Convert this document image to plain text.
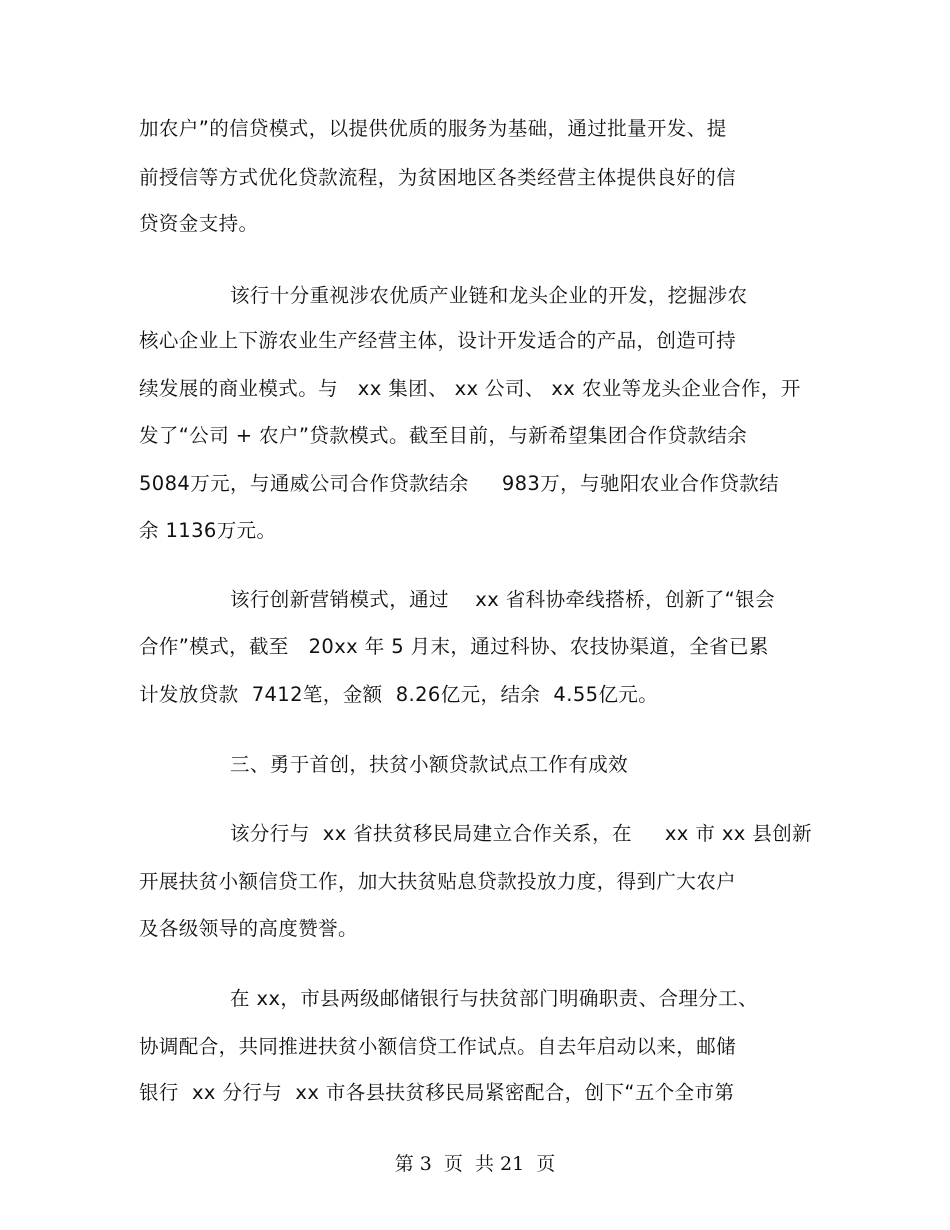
加农户”的信贷模式，以提供优质的服务为基础，通过批量开发、提
前授信等方式优化贷款流程，为贫困地区各类经营主体提供良好的信
贷资金支持。
该行十分重视涉农优质产业链和龙头企业的开发，挖掘涉农
核心企业上下游农业生产经营主体，设计开发适合的产品，创造可持
续发展的商业模式。与   xx 集团、 xx 公司、 xx 农业等龙头企业合作，开
发了“公司 + 农户”贷款模式。截至目前，与新希望集团合作贷款结余
5084万元，与通威公司合作贷款结余     983万，与驰阳农业合作贷款结
余 1136万元。
该行创新营销模式，通过    xx 省科协牵线搭桥，创新了“银会
合作”模式，截至   20xx 年 5 月末，通过科协、农技协渠道，全省已累
计发放贷款  7412笔，金额  8.26亿元，结余  4.55亿元。
三、勇于首创，扶贫小额贷款试点工作有成效
该分行与  xx 省扶贫移民局建立合作关系，在     xx 市 xx 县创新
开展扶贫小额信贷工作，加大扶贫贴息贷款投放力度，得到广大农户
及各级领导的高度赞誉。
在 xx，市县两级邮储银行与扶贫部门明确职责、合理分工、
协调配合，共同推进扶贫小额信贷工作试点。自去年启动以来，邮储
银行  xx 分行与  xx 市各县扶贫移民局紧密配合，创下“五个全市第
第 3  页  共 21  页
